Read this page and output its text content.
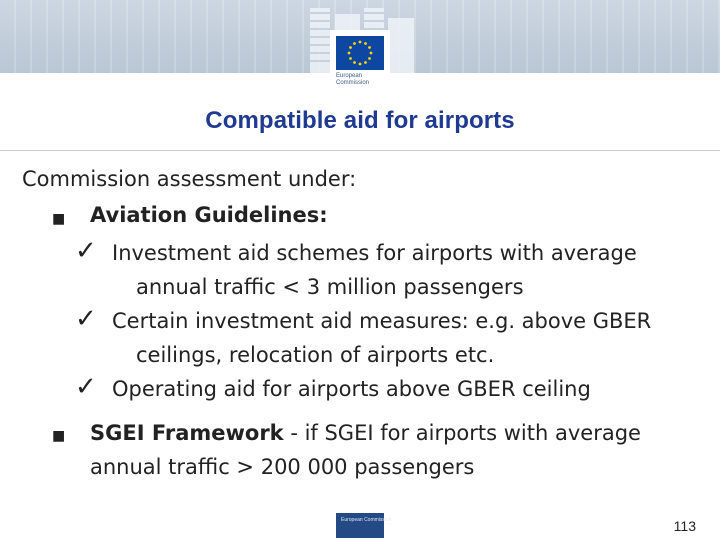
European
Commission
Compatible aid for airports
Commission assessment under:
■ Aviation Guidelines:
✓ Investment aid schemes for airports with average
annual traffic < 3 million passengers
✓ Certain investment aid measures: e.g. above GBER
ceilings, relocation of airports etc.
✓ Operating aid for airports above GBER ceiling
■ SGEI Framework - if SGEI for airports with average
annual traffic > 200 000 passengers
European Commission	113
